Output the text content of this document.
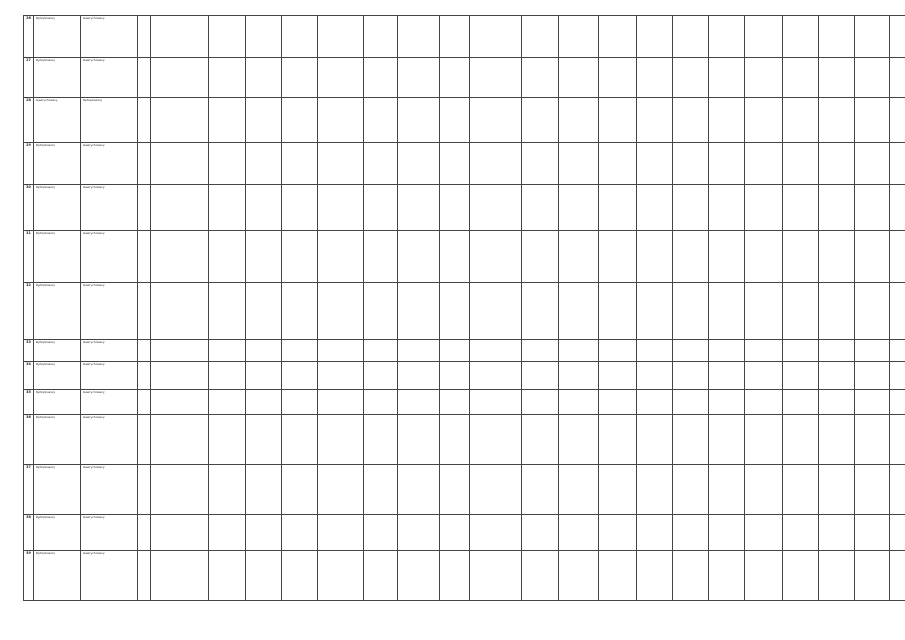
26	Rydzykowscy	Gawrychowscy																					
27	Rydzykowscy	Gawrychowscy																					
28	Gawrychowscy	Rydzykowscy																					
29	Rydzykowscy	Gawrychowscy																					
30	Rydzykowscy	Gawrychowscy																					
31	Rydzykowscy	Gawrychowscy																					
32	Rydzykowscy	Gawrychowscy																					
33	Rydzykowscy	Gawrychowscy																					
34	Rydzykowscy	Gawrychowscy																					
35	Rydzykowscy	Gawrychowscy																					
36	Rydzykowscy	Gawrychowscy																					
37	Rydzykowscy	Gawrychowscy																					
38	Rydzykowscy	Gawrychowscy																					
39	Rydzykowscy	Gawrychowscy																					
